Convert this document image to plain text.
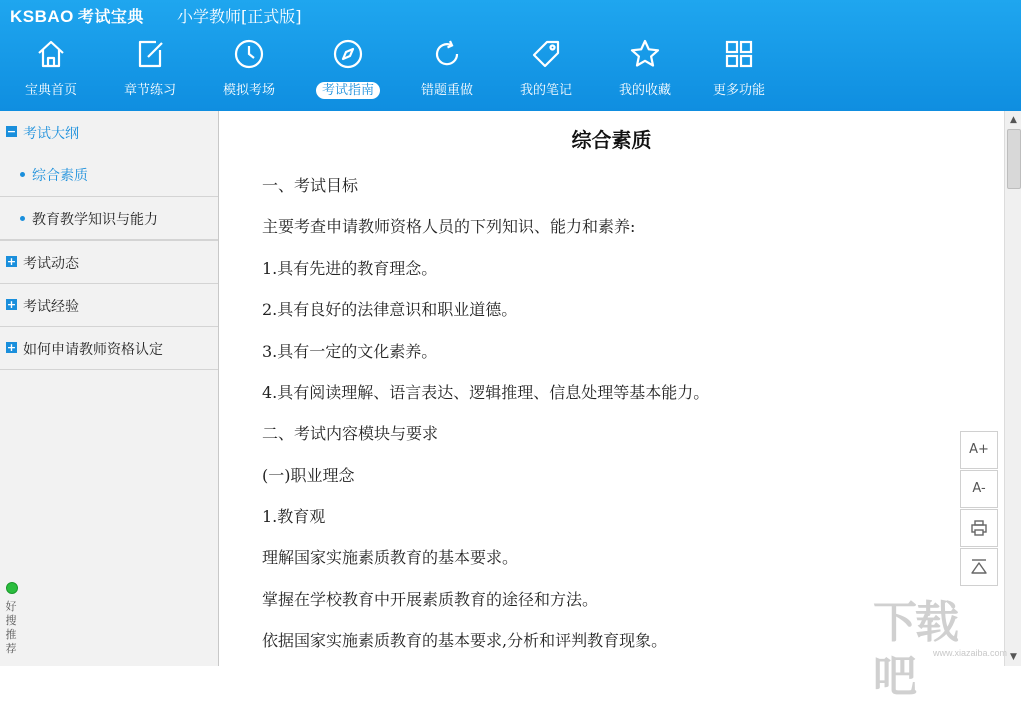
KSBAO 考试宝典 小学教师[正式版]
宝典首页	章节练习	模拟考场	考试指南	错题重做	我的笔记	我的收藏	更多功能
− 考试大纲
综合素质
教育教学知识与能力
+ 考试动态
+ 考试经验
+ 如何申请教师资格认定
好搜推荐
综合素质
一、考试目标
主要考查申请教师资格人员的下列知识、能力和素养:
1.具有先进的教育理念。
2.具有良好的法律意识和职业道德。
3.具有一定的文化素养。
4.具有阅读理解、语言表达、逻辑推理、信息处理等基本能力。
二、考试内容模块与要求
(一)职业理念
1.教育观
理解国家实施素质教育的基本要求。
掌握在学校教育中开展素质教育的途径和方法。
依据国家实施素质教育的基本要求,分析和评判教育现象。
A+
A-
▲
▼
下载吧	www.xiazaiba.com
